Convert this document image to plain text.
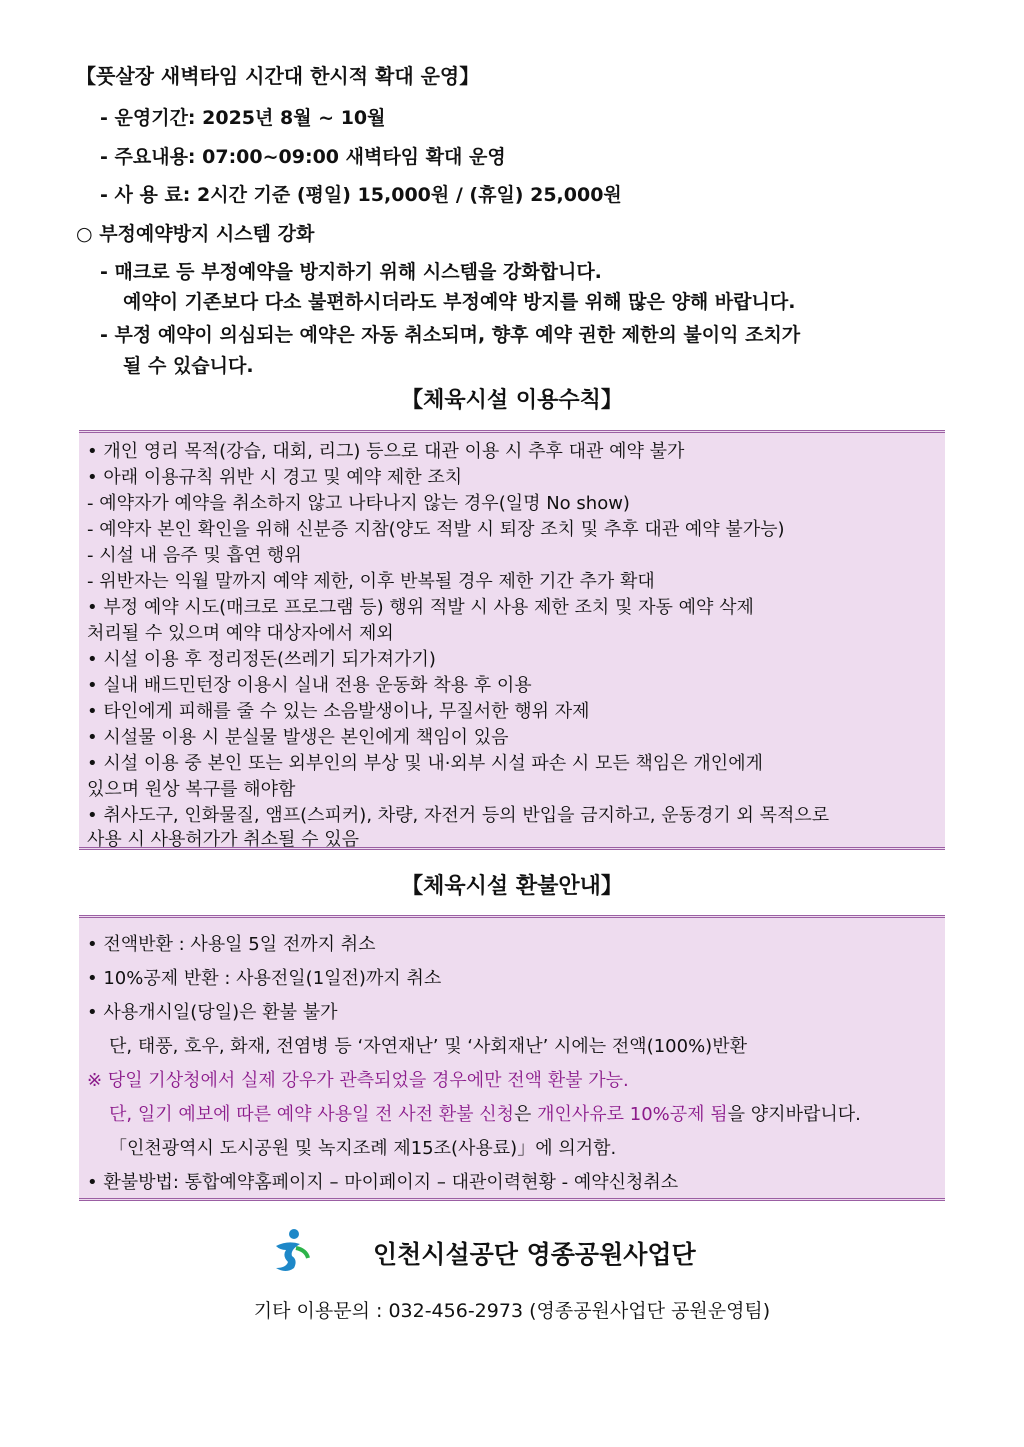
【풋살장 새벽타임 시간대 한시적 확대 운영】
- 운영기간: 2025년 8월 ~ 10월
- 주요내용: 07:00~09:00 새벽타임 확대 운영
- 사 용 료: 2시간 기준 (평일) 15,000원 / (휴일) 25,000원
○ 부정예약방지 시스템 강화
- 매크로 등 부정예약을 방지하기 위해 시스템을 강화합니다.
예약이 기존보다 다소 불편하시더라도 부정예약 방지를 위해 많은 양해 바랍니다.
- 부정 예약이 의심되는 예약은 자동 취소되며, 향후 예약 권한 제한의 불이익 조치가
될 수 있습니다.
【체육시설 이용수칙】
• 개인 영리 목적(강습, 대회, 리그) 등으로 대관 이용 시 추후 대관 예약 불가
• 아래 이용규칙 위반 시 경고 및 예약 제한 조치
- 예약자가 예약을 취소하지 않고 나타나지 않는 경우(일명 No show)
- 예약자 본인 확인을 위해 신분증 지참(양도 적발 시 퇴장 조치 및 추후 대관 예약 불가능)
- 시설 내 음주 및 흡연 행위
- 위반자는 익월 말까지 예약 제한, 이후 반복될 경우 제한 기간 추가 확대
• 부정 예약 시도(매크로 프로그램 등) 행위 적발 시 사용 제한 조치 및 자동 예약 삭제
처리될 수 있으며 예약 대상자에서 제외
• 시설 이용 후 정리정돈(쓰레기 되가져가기)
• 실내 배드민턴장 이용시 실내 전용 운동화 착용 후 이용
• 타인에게 피해를 줄 수 있는 소음발생이나, 무질서한 행위 자제
• 시설물 이용 시 분실물 발생은 본인에게 책임이 있음
• 시설 이용 중 본인 또는 외부인의 부상 및 내·외부 시설 파손 시 모든 책임은 개인에게
있으며 원상 복구를 해야함
• 취사도구, 인화물질, 앰프(스피커), 차량, 자전거 등의 반입을 금지하고, 운동경기 외 목적으로
사용 시 사용허가가 취소될 수 있음
【체육시설 환불안내】
• 전액반환 : 사용일 5일 전까지 취소
• 10%공제 반환 : 사용전일(1일전)까지 취소
• 사용개시일(당일)은 환불 불가
단, 태풍, 호우, 화재, 전염병 등 ‘자연재난’ 및 ‘사회재난’ 시에는 전액(100%)반환
※ 당일 기상청에서 실제 강우가 관측되었을 경우에만 전액 환불 가능.
단, 일기 예보에 따른 예약 사용일 전 사전 환불 신청은 개인사유로 10%공제 됨을 양지바랍니다.
「인천광역시 도시공원 및 녹지조례 제15조(사용료)」에 의거함.
• 환불방법: 통합예약홈페이지 – 마이페이지 – 대관이력현황 - 예약신청취소
인천시설공단 영종공원사업단
기타 이용문의 : 032-456-2973 (영종공원사업단 공원운영팀)
